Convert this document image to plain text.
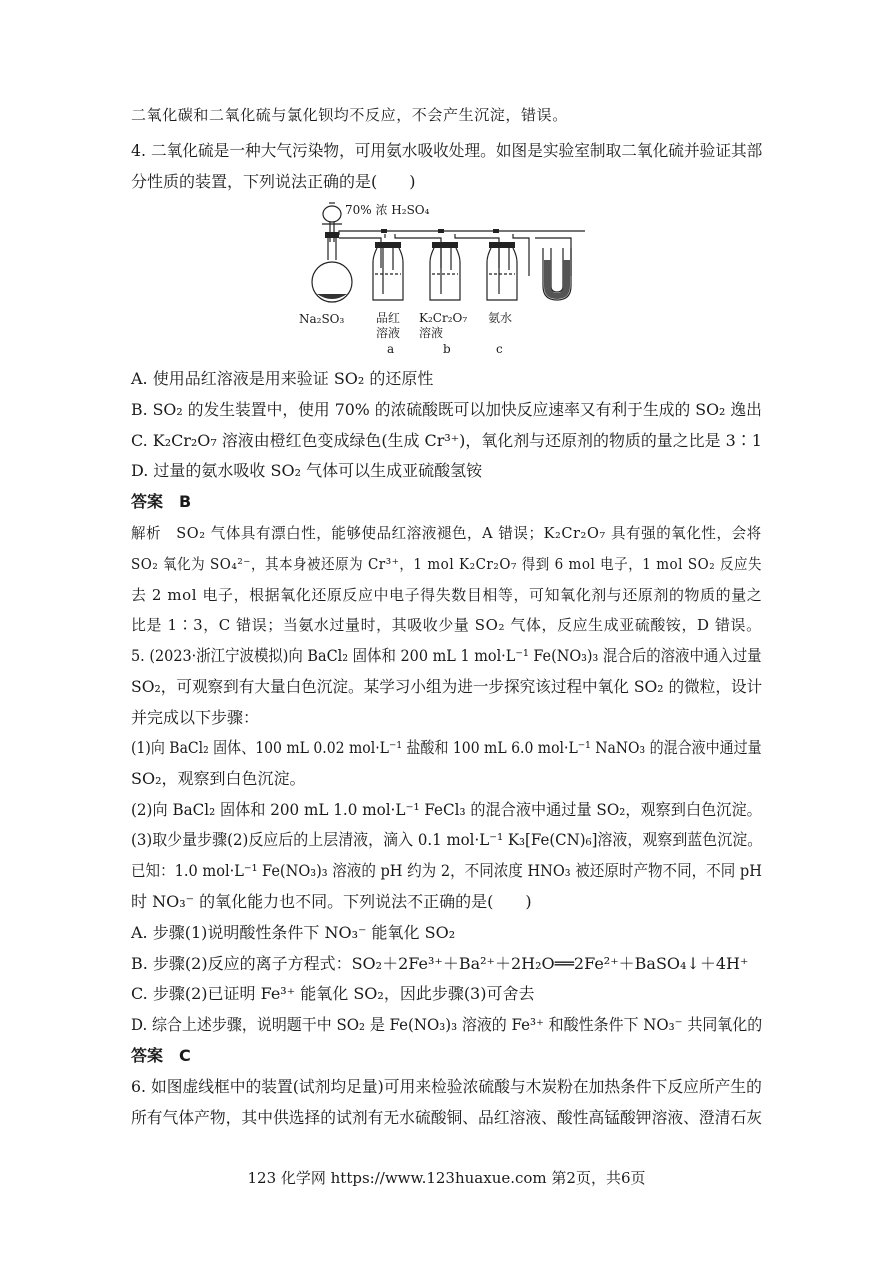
二氧化碳和二氧化硫与氯化钡均不反应，不会产生沉淀，错误。
4. 二氧化硫是一种大气污染物，可用氨水吸收处理。如图是实验室制取二氧化硫并验证其部
分性质的装置，下列说法正确的是(　　)
70% 浓 H₂SO₄
Na₂SO₃	品红
溶液
a
K₂Cr₂O₇
溶液
b
氨水
c
A. 使用品红溶液是用来验证 SO₂ 的还原性
B. SO₂ 的发生装置中，使用 70% 的浓硫酸既可以加快反应速率又有利于生成的 SO₂ 逸出
C. K₂Cr₂O₇ 溶液由橙红色变成绿色(生成 Cr³⁺)，氧化剂与还原剂的物质的量之比是 3∶1
D. 过量的氨水吸收 SO₂ 气体可以生成亚硫酸氢铵
答案　B
解析　SO₂ 气体具有漂白性，能够使品红溶液褪色，A 错误；K₂Cr₂O₇ 具有强的氧化性，会将
SO₂ 氧化为 SO₄²⁻，其本身被还原为 Cr³⁺，1 mol K₂Cr₂O₇ 得到 6 mol 电子，1 mol SO₂ 反应失
去 2 mol 电子，根据氧化还原反应中电子得失数目相等，可知氧化剂与还原剂的物质的量之
比是 1∶3，C 错误；当氨水过量时，其吸收少量 SO₂ 气体，反应生成亚硫酸铵，D 错误。
5. (2023·浙江宁波模拟)向 BaCl₂ 固体和 200 mL 1 mol·L⁻¹ Fe(NO₃)₃ 混合后的溶液中通入过量
SO₂，可观察到有大量白色沉淀。某学习小组为进一步探究该过程中氧化 SO₂ 的微粒，设计
并完成以下步骤：
(1)向 BaCl₂ 固体、100 mL 0.02 mol·L⁻¹ 盐酸和 100 mL 6.0 mol·L⁻¹ NaNO₃ 的混合液中通过量
SO₂，观察到白色沉淀。
(2)向 BaCl₂ 固体和 200 mL 1.0 mol·L⁻¹ FeCl₃ 的混合液中通过量 SO₂，观察到白色沉淀。
(3)取少量步骤(2)反应后的上层清液，滴入 0.1 mol·L⁻¹ K₃[Fe(CN)₆]溶液，观察到蓝色沉淀。
已知：1.0 mol·L⁻¹ Fe(NO₃)₃ 溶液的 pH 约为 2，不同浓度 HNO₃ 被还原时产物不同，不同 pH
时 NO₃⁻ 的氧化能力也不同。下列说法不正确的是(　　)
A. 步骤(1)说明酸性条件下 NO₃⁻ 能氧化 SO₂
B. 步骤(2)反应的离子方程式：SO₂＋2Fe³⁺＋Ba²⁺＋2H₂O══2Fe²⁺＋BaSO₄↓＋4H⁺
C. 步骤(2)已证明 Fe³⁺ 能氧化 SO₂，因此步骤(3)可舍去
D. 综合上述步骤，说明题干中 SO₂ 是 Fe(NO₃)₃ 溶液的 Fe³⁺ 和酸性条件下 NO₃⁻ 共同氧化的
答案　C
6. 如图虚线框中的装置(试剂均足量)可用来检验浓硫酸与木炭粉在加热条件下反应所产生的
所有气体产物，其中供选择的试剂有无水硫酸铜、品红溶液、酸性高锰酸钾溶液、澄清石灰
123 化学网 https://www.123huaxue.com 第2页，共6页
